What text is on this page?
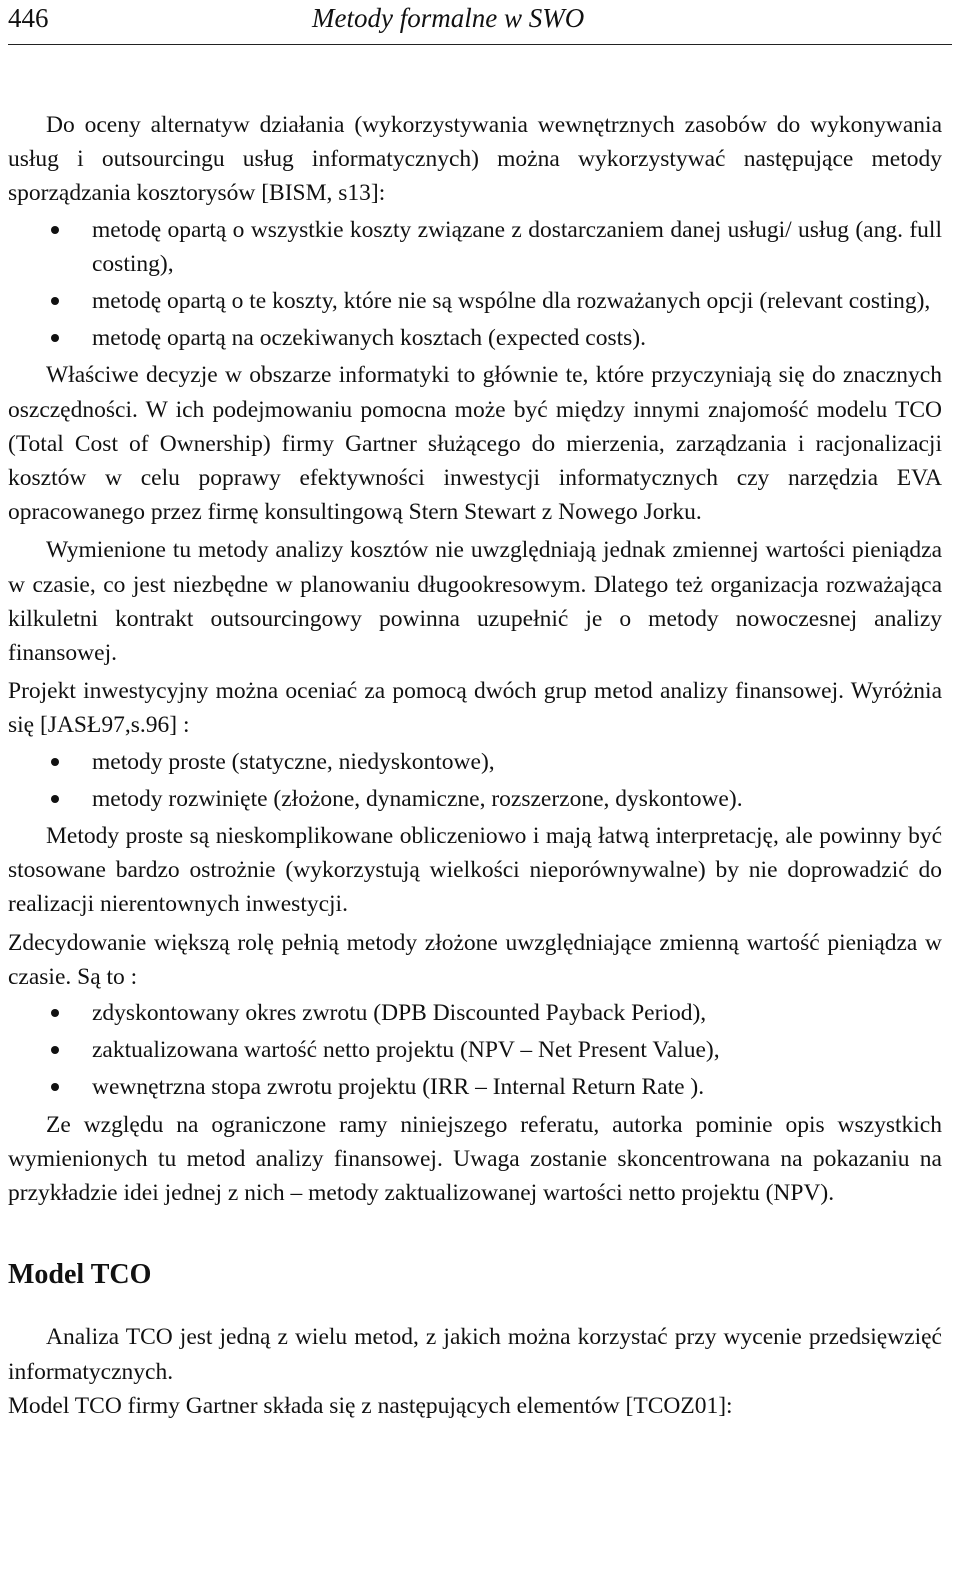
446	Metody formalne w SWO

Do oceny alternatyw działania (wykorzystywania wewnętrznych zasobów do wykonywania usług i outsourcingu usług informatycznych) można wykorzystywać następujące metody sporządzania kosztorysów [BISM, s13]:

metodę opartą o wszystkie koszty związane z dostarczaniem danej usługi/ usług (ang. full costing),
metodę opartą o te koszty, które nie są wspólne dla rozważanych opcji (relevant costing),
metodę opartą na oczekiwanych kosztach (expected costs).

Właściwe decyzje w obszarze informatyki to głównie te, które przyczyniają się do znacznych oszczędności. W ich podejmowaniu pomocna może być między innymi znajomość modelu TCO (Total Cost of Ownership) firmy Gartner służącego do mierzenia, zarządzania i racjonalizacji kosztów w celu poprawy efektywności inwestycji informatycznych czy narzędzia EVA opracowanego przez firmę konsultingową Stern Stewart z Nowego Jorku.

Wymienione tu metody analizy kosztów nie uwzględniają jednak zmiennej wartości pieniądza w czasie, co jest niezbędne w planowaniu długookresowym. Dlatego też organizacja rozważająca kilkuletni kontrakt outsourcingowy powinna uzupełnić je o metody nowoczesnej analizy finansowej.

Projekt inwestycyjny można oceniać za pomocą dwóch grup metod analizy finansowej. Wyróżnia się [JASŁ97,s.96] :

metody proste (statyczne, niedyskontowe),
metody rozwinięte (złożone, dynamiczne, rozszerzone, dyskontowe).

Metody proste są nieskomplikowane obliczeniowo i mają łatwą interpretację, ale powinny być stosowane bardzo ostrożnie (wykorzystują wielkości nieporównywalne) by nie doprowadzić do realizacji nierentownych inwestycji.

Zdecydowanie większą rolę pełnią metody złożone uwzględniające zmienną wartość pieniądza w czasie. Są to :

zdyskontowany okres zwrotu (DPB Discounted Payback Period),
zaktualizowana wartość netto projektu (NPV – Net Present Value),
wewnętrzna stopa zwrotu projektu (IRR – Internal Return Rate ).

Ze względu na ograniczone ramy niniejszego referatu, autorka pominie opis wszystkich wymienionych tu metod analizy finansowej. Uwaga zostanie skoncentrowana na pokazaniu na przykładzie idei jednej z nich – metody zaktualizowanej wartości netto projektu (NPV).

Model TCO

Analiza TCO jest jedną z wielu metod, z jakich można korzystać przy wycenie przedsięwzięć informatycznych.

Model TCO firmy Gartner składa się z następujących elementów [TCOZ01]:
